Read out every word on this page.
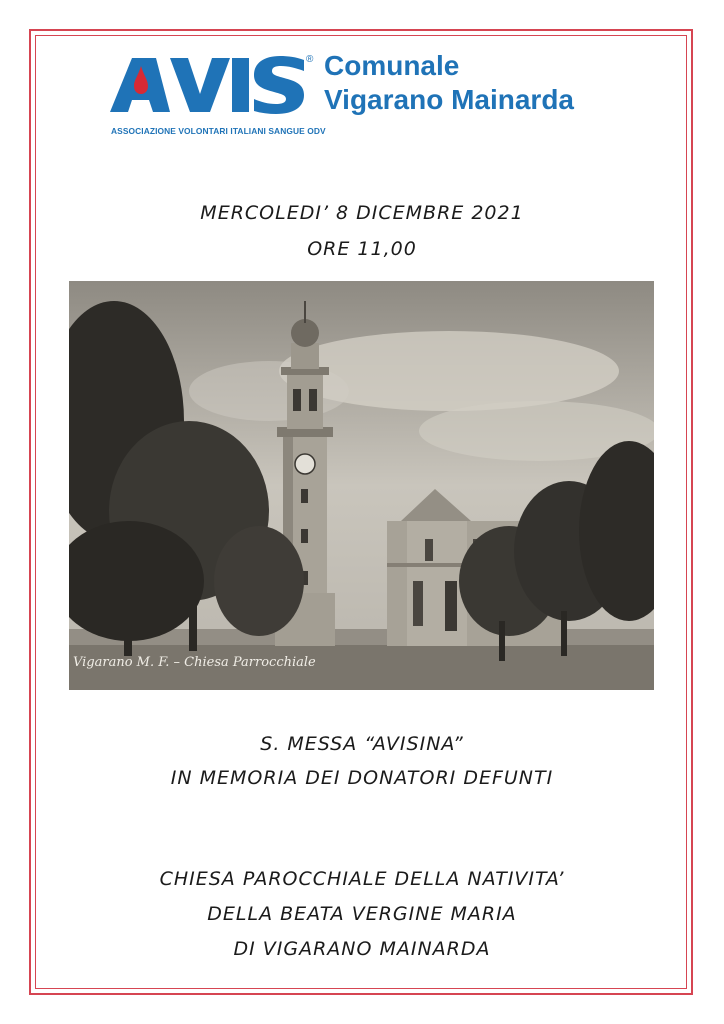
®
ASSOCIAZIONE VOLONTARI ITALIANI SANGUE ODV
Comunale
Vigarano Mainarda
MERCOLEDI’ 8 DICEMBRE 2021
ORE 11,00
Vigarano M. F. – Chiesa Parrocchiale
S. MESSA “AVISINA”
IN MEMORIA DEI DONATORI DEFUNTI
CHIESA PAROCCHIALE DELLA NATIVITA’
DELLA BEATA VERGINE MARIA
DI VIGARANO MAINARDA
